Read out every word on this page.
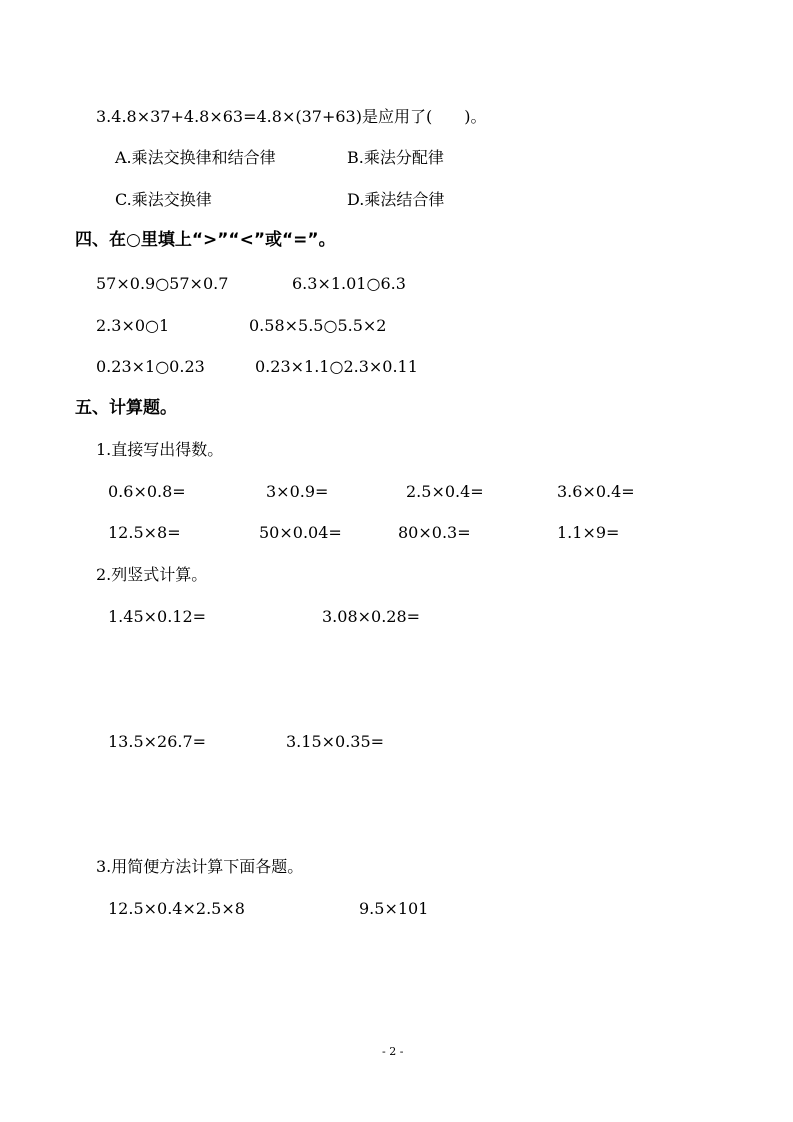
3.4.8×37+4.8×63=4.8×(37+63)是应用了(　　)。
A.乘法交换律和结合律	B.乘法分配律
C.乘法交换律	D.乘法结合律
四、在○里填上“>”“<”或“=”。
57×0.9○57×0.7	6.3×1.01○6.3
2.3×0○1	0.58×5.5○5.5×2
0.23×1○0.23	0.23×1.1○2.3×0.11
五、计算题。
1.直接写出得数。
0.6×0.8=	3×0.9=	2.5×0.4=	3.6×0.4=
12.5×8=	50×0.04=	80×0.3=	1.1×9=
2.列竖式计算。
1.45×0.12=	3.08×0.28=
13.5×26.7=	3.15×0.35=
3.用简便方法计算下面各题。
12.5×0.4×2.5×8	9.5×101
- 2 -
